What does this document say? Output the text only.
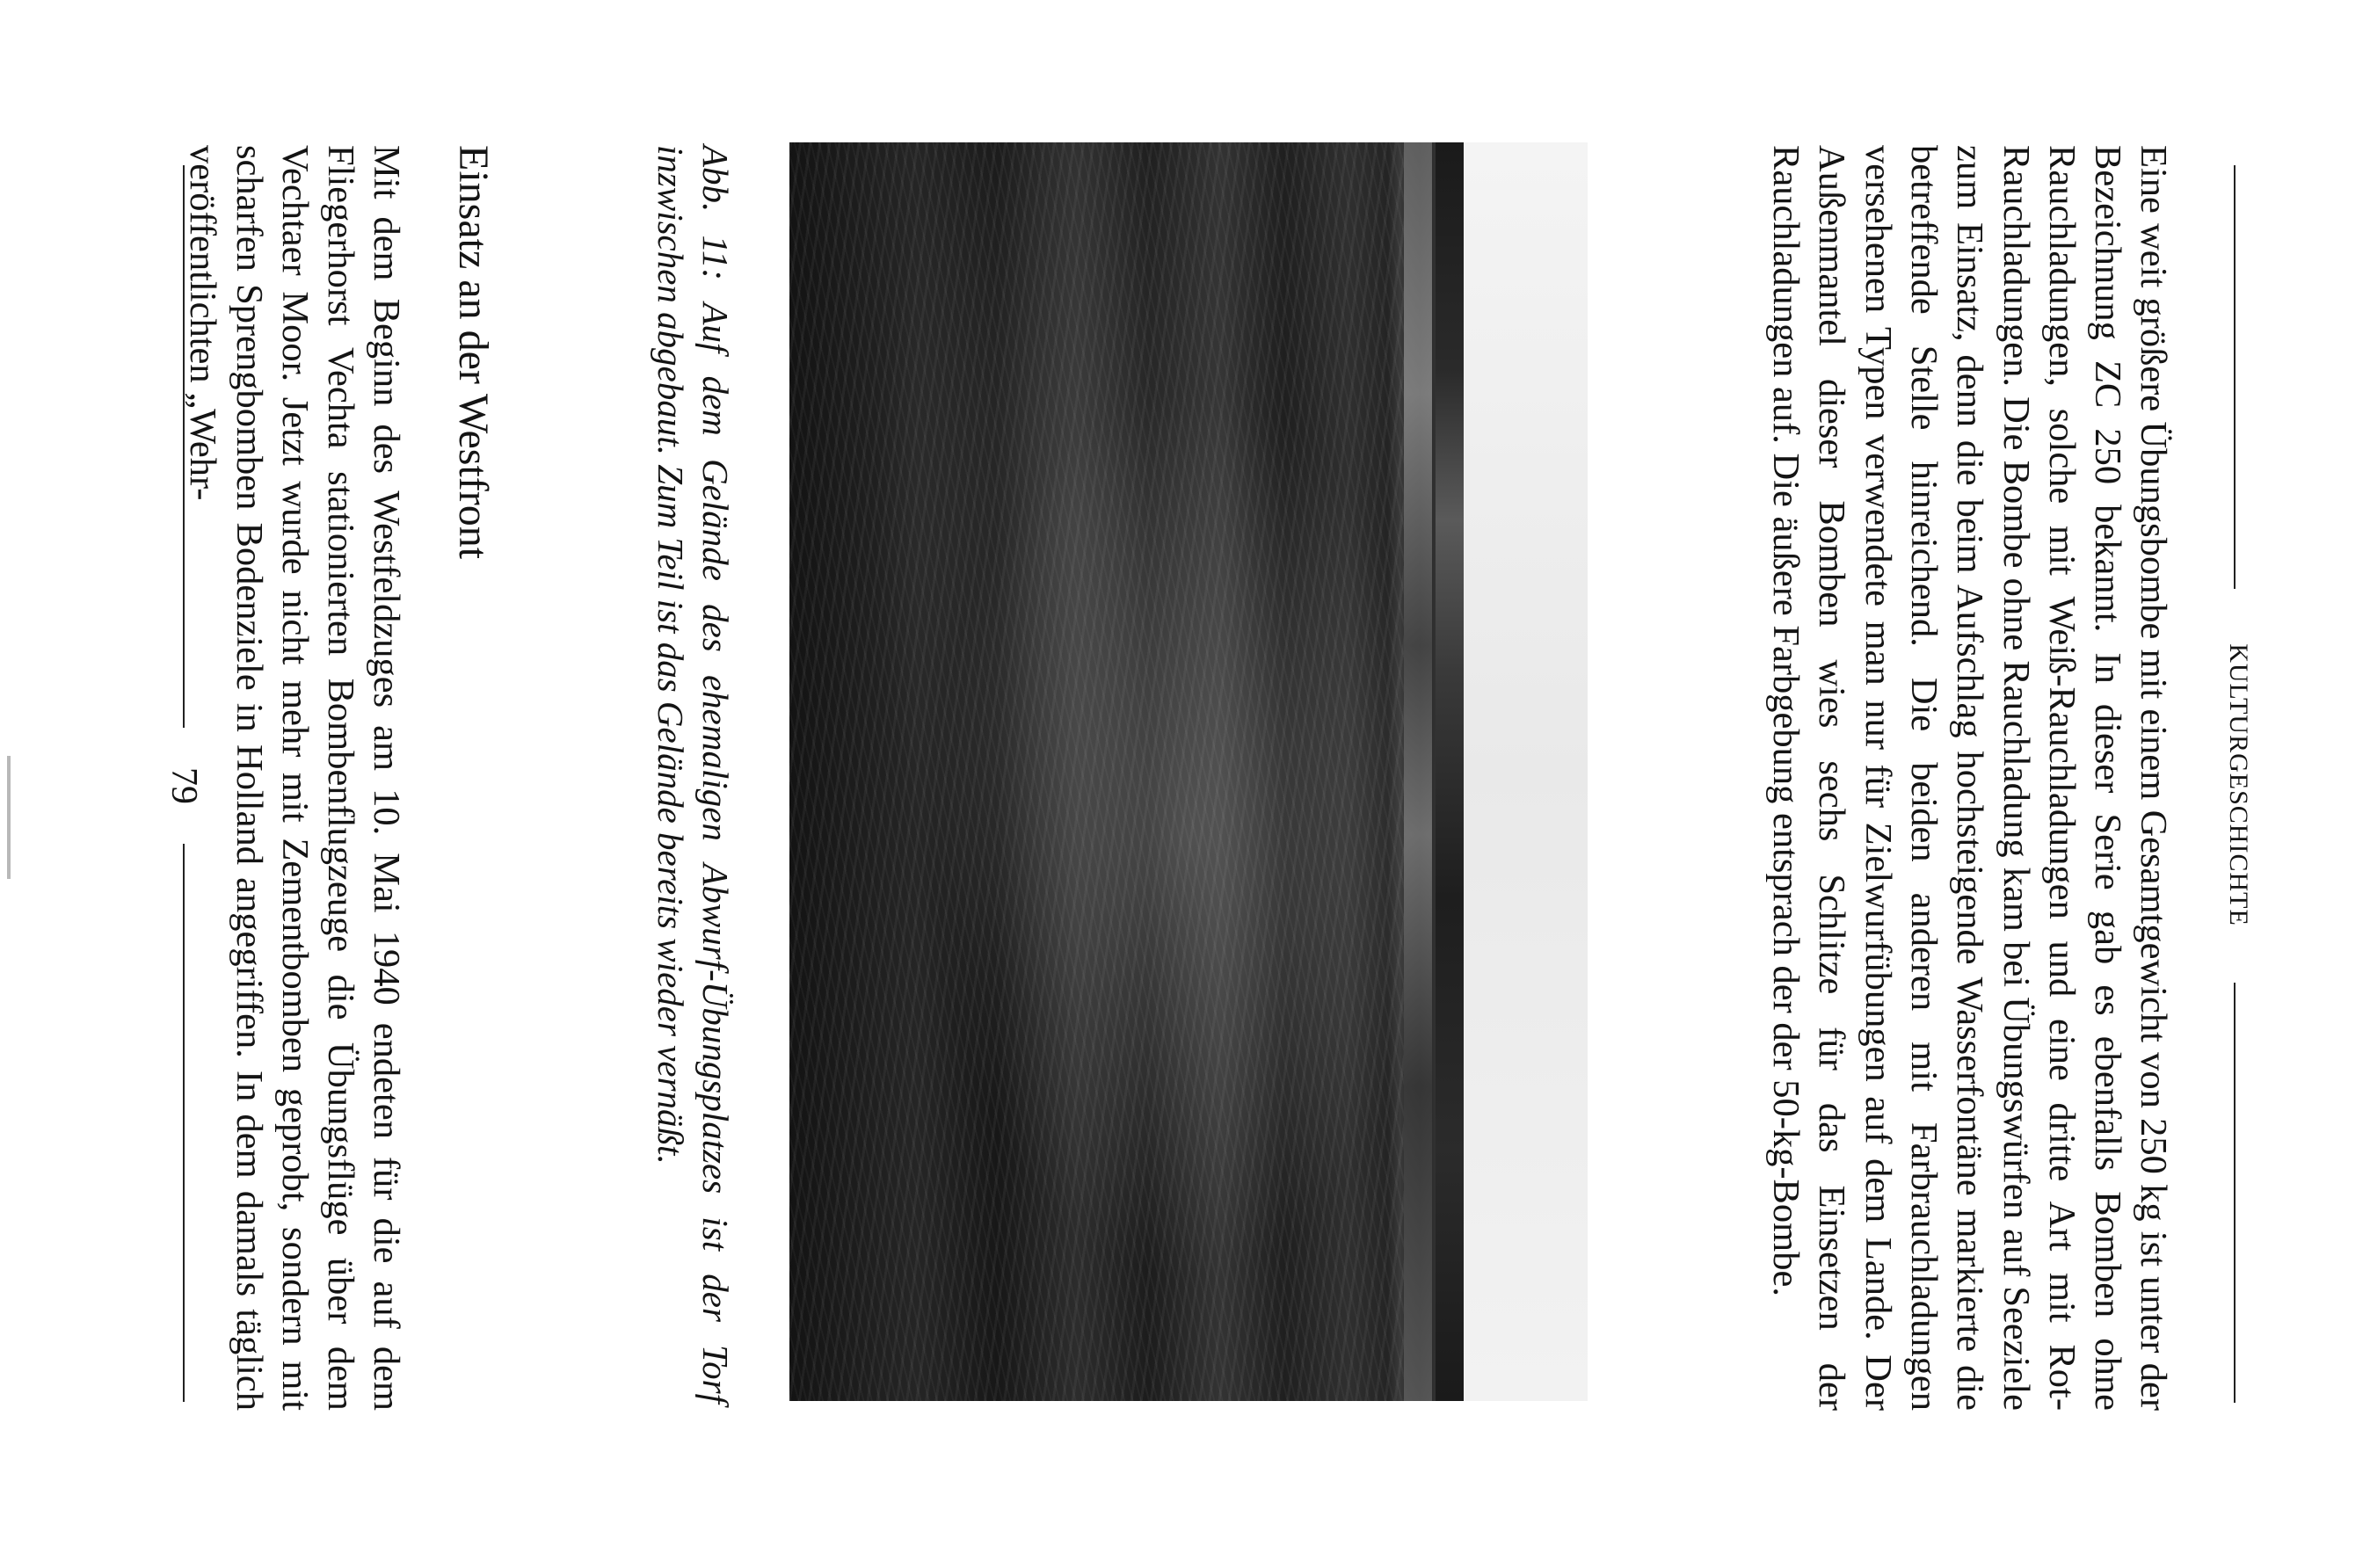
KULTURGESCHICHTE

Eine weit größere Übungsbombe mit einem Gesamtgewicht von 250 kg ist unter der Bezeichnung ZC 250 bekannt. In dieser Serie gab es ebenfalls Bomben ohne Rauchladungen, solche mit Weiß-Rauchladungen und eine dritte Art mit Rot-Rauchladungen. Die Bombe ohne Rauchladung kam bei Übungswürfen auf Seeziele zum Einsatz, denn die beim Aufschlag hochsteigende Wasserfontäne markierte die betreffende Stelle hinreichend. Die beiden anderen mit Farbrauchladungen versehenen Typen verwendete man nur für Zielwurfübungen auf dem Lande. Der Außenmantel dieser Bomben wies sechs Schlitze für das Einsetzen der Rauchladungen auf. Die äußere Farbgebung entsprach der der 50-kg-Bombe.

Abb. 11: Auf dem Gelände des ehemaligen Abwurf-Übungsplatzes ist der Torf inzwischen abgebaut. Zum Teil ist das Gelände bereits wieder vernäßt.

Einsatz an der Westfront

Mit dem Beginn des Westfeldzuges am 10. Mai 1940 endeten für die auf dem Fliegerhorst Vechta stationierten Bombenflugzeuge die Übungsflüge über dem Vechtaer Moor. Jetzt wurde nicht mehr mit Zementbomben geprobt, sondern mit scharfen Sprengbomben Bodenziele in Holland angegriffen. In dem damals täglich veröffentlichten „Wehr-

79
